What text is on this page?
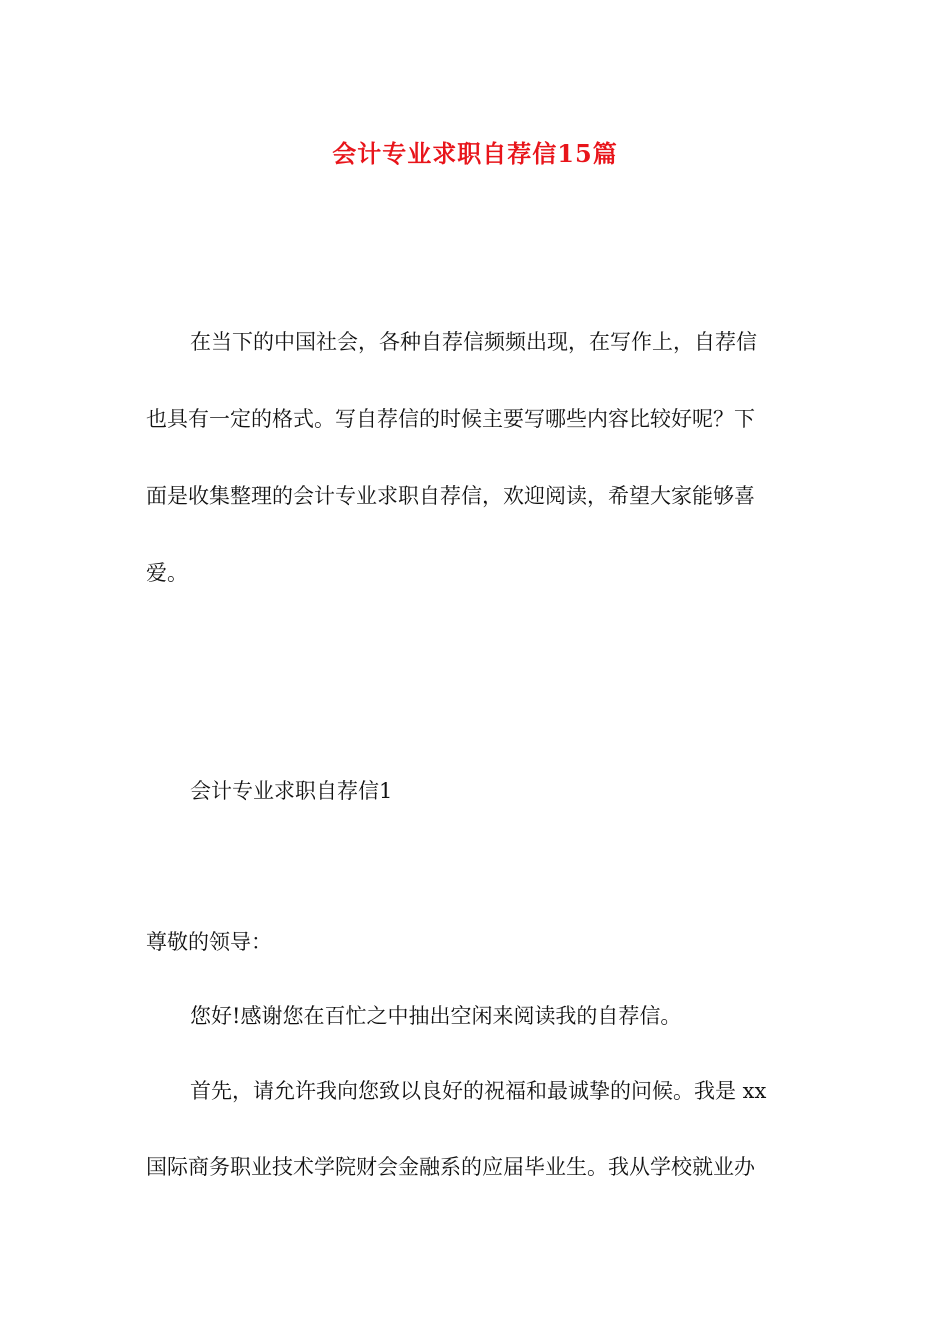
会计专业求职自荐信15篇

在当下的中国社会，各种自荐信频频出现，在写作上，自荐信

也具有一定的格式。写自荐信的时候主要写哪些内容比较好呢？下

面是收集整理的会计专业求职自荐信，欢迎阅读，希望大家能够喜

爱。

会计专业求职自荐信1

尊敬的领导：

您好!感谢您在百忙之中抽出空闲来阅读我的自荐信。

首先，请允许我向您致以良好的祝福和最诚挚的问候。我是 xx

国际商务职业技术学院财会金融系的应届毕业生。我从学校就业办
